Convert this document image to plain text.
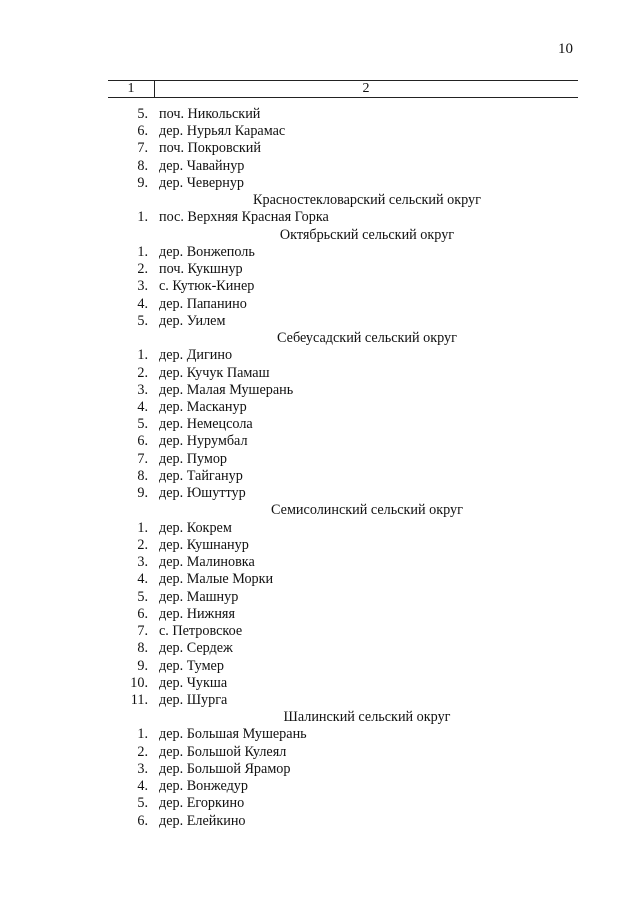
10
1	2
5. поч. Никольский
6. дер. Нурьял Карамас
7. поч. Покровский
8. дер. Чавайнур
9. дер. Чевернур
Красностекловарский сельский округ
1. пос. Верхняя Красная Горка
Октябрьский сельский округ
1. дер. Вонжеполь
2. поч. Кукшнур
3. с. Кутюк-Кинер
4. дер. Папанино
5. дер. Уилем
Себеусадский сельский округ
1. дер. Дигино
2. дер. Кучук Памаш
3. дер. Малая Мушерань
4. дер. Масканур
5. дер. Немецсола
6. дер. Нурумбал
7. дер. Пумор
8. дер. Тайганур
9. дер. Юшуттур
Семисолинский сельский округ
1. дер. Кокрем
2. дер. Кушнанур
3. дер. Малиновка
4. дер. Малые Морки
5. дер. Машнур
6. дер. Нижняя
7. с. Петровское
8. дер. Сердеж
9. дер. Тумер
10. дер. Чукша
11. дер. Шурга
Шалинский сельский округ
1. дер. Большая Мушерань
2. дер. Большой Кулеял
3. дер. Большой Ярамор
4. дер. Вонжедур
5. дер. Егоркино
6. дер. Елейкино
